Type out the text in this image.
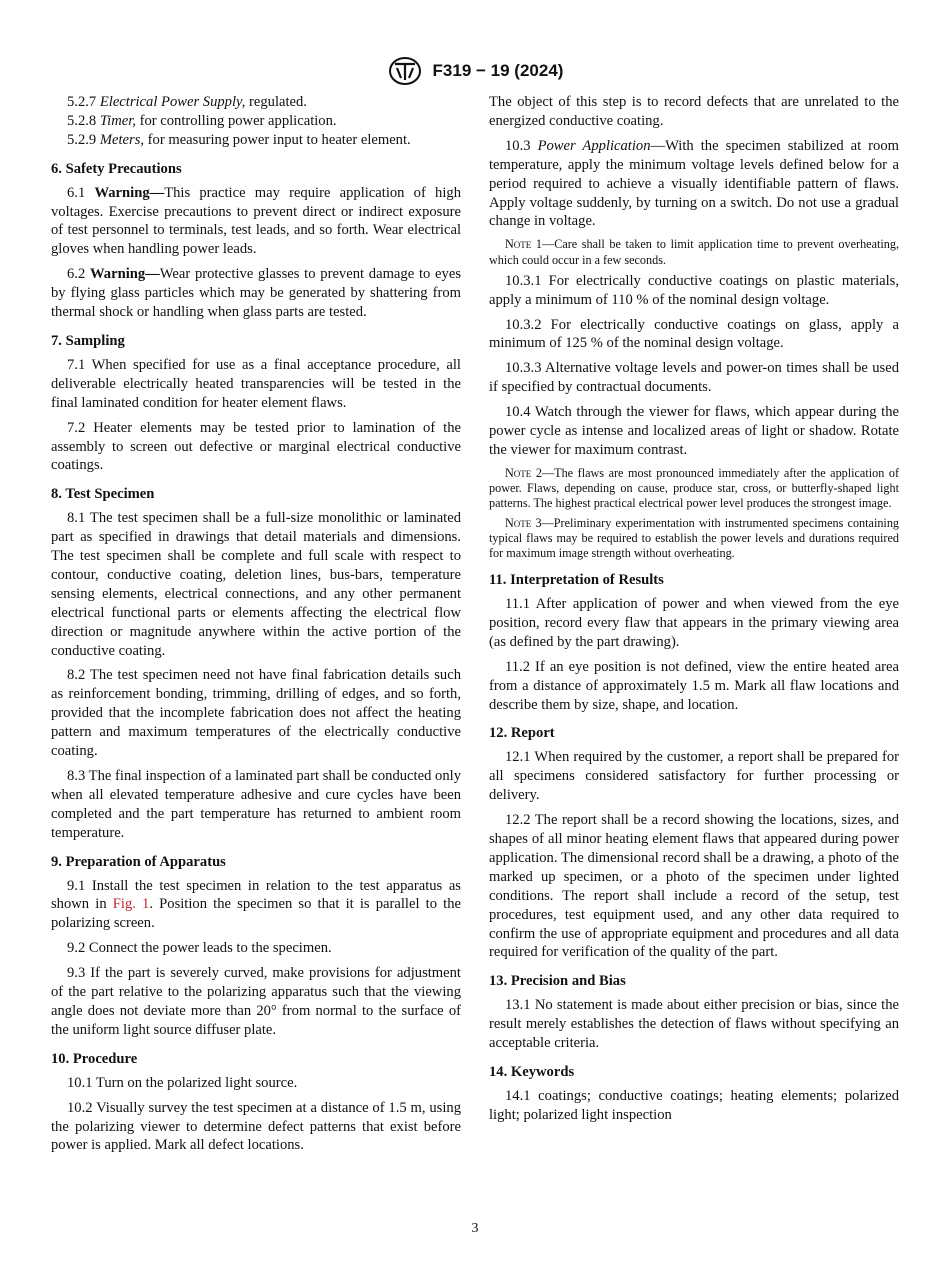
F319 − 19 (2024)

5.2.7 Electrical Power Supply, regulated.

5.2.8 Timer, for controlling power application.

5.2.9 Meters, for measuring power input to heater element.

6. Safety Precautions

6.1 Warning—This practice may require application of high voltages. Exercise precautions to prevent direct or indirect exposure of test personnel to terminals, test leads, and so forth. Wear electrical gloves when handling power leads.

6.2 Warning—Wear protective glasses to prevent damage to eyes by flying glass particles which may be generated by shattering from thermal shock or handling when glass parts are tested.

7. Sampling

7.1 When specified for use as a final acceptance procedure, all deliverable electrically heated transparencies will be tested in the final laminated condition for heater element flaws.

7.2 Heater elements may be tested prior to lamination of the assembly to screen out defective or marginal electrical conductive coatings.

8. Test Specimen

8.1 The test specimen shall be a full-size monolithic or laminated part as specified in drawings that detail materials and dimensions. The test specimen shall be complete and full scale with respect to contour, conductive coating, deletion lines, bus-bars, temperature sensing elements, electrical connections, and any other permanent electrical functional parts or elements affecting the electrical flow direction or magnitude anywhere within the active portion of the conductive coating.

8.2 The test specimen need not have final fabrication details such as reinforcement bonding, trimming, drilling of edges, and so forth, provided that the incomplete fabrication does not affect the heating pattern and maximum temperatures of the electrically conductive coating.

8.3 The final inspection of a laminated part shall be conducted only when all elevated temperature adhesive and cure cycles have been completed and the part temperature has returned to ambient room temperature.

9. Preparation of Apparatus

9.1 Install the test specimen in relation to the test apparatus as shown in Fig. 1. Position the specimen so that it is parallel to the polarizing screen.

9.2 Connect the power leads to the specimen.

9.3 If the part is severely curved, make provisions for adjustment of the part relative to the polarizing apparatus such that the viewing angle does not deviate more than 20° from normal to the surface of the uniform light source diffuser plate.

10. Procedure

10.1 Turn on the polarized light source.

10.2 Visually survey the test specimen at a distance of 1.5 m, using the polarizing viewer to determine defect patterns that exist before power is applied. Mark all defect locations.

The object of this step is to record defects that are unrelated to the energized conductive coating.

10.3 Power Application—With the specimen stabilized at room temperature, apply the minimum voltage levels defined below for a period required to achieve a visually identifiable pattern of flaws. Apply voltage suddenly, by turning on a switch. Do not use a gradual change in voltage.

Note 1—Care shall be taken to limit application time to prevent overheating, which could occur in a few seconds.

10.3.1 For electrically conductive coatings on plastic materials, apply a minimum of 110 % of the nominal design voltage.

10.3.2 For electrically conductive coatings on glass, apply a minimum of 125 % of the nominal design voltage.

10.3.3 Alternative voltage levels and power-on times shall be used if specified by contractual documents.

10.4 Watch through the viewer for flaws, which appear during the power cycle as intense and localized areas of light or shadow. Rotate the viewer for maximum contrast.

Note 2—The flaws are most pronounced immediately after the application of power. Flaws, depending on cause, produce star, cross, or butterfly-shaped light patterns. The highest practical electrical power level produces the strongest image.

Note 3—Preliminary experimentation with instrumented specimens containing typical flaws may be required to establish the power levels and durations required for maximum image strength without overheating.

11. Interpretation of Results

11.1 After application of power and when viewed from the eye position, record every flaw that appears in the primary viewing area (as defined by the part drawing).

11.2 If an eye position is not defined, view the entire heated area from a distance of approximately 1.5 m. Mark all flaw locations and describe them by size, shape, and location.

12. Report

12.1 When required by the customer, a report shall be prepared for all specimens considered satisfactory for further processing or delivery.

12.2 The report shall be a record showing the locations, sizes, and shapes of all minor heating element flaws that appeared during power application. The dimensional record shall be a drawing, a photo of the marked up specimen, or a photo of the specimen under lighted conditions. The report shall include a record of the setup, test procedures, test equipment used, and any other data required to confirm the use of appropriate equipment and procedures and all data required for verification of the quality of the part.

13. Precision and Bias

13.1 No statement is made about either precision or bias, since the result merely establishes the detection of flaws without specifying an acceptable criteria.

14. Keywords

14.1 coatings; conductive coatings; heating elements; polarized light; polarized light inspection

3
